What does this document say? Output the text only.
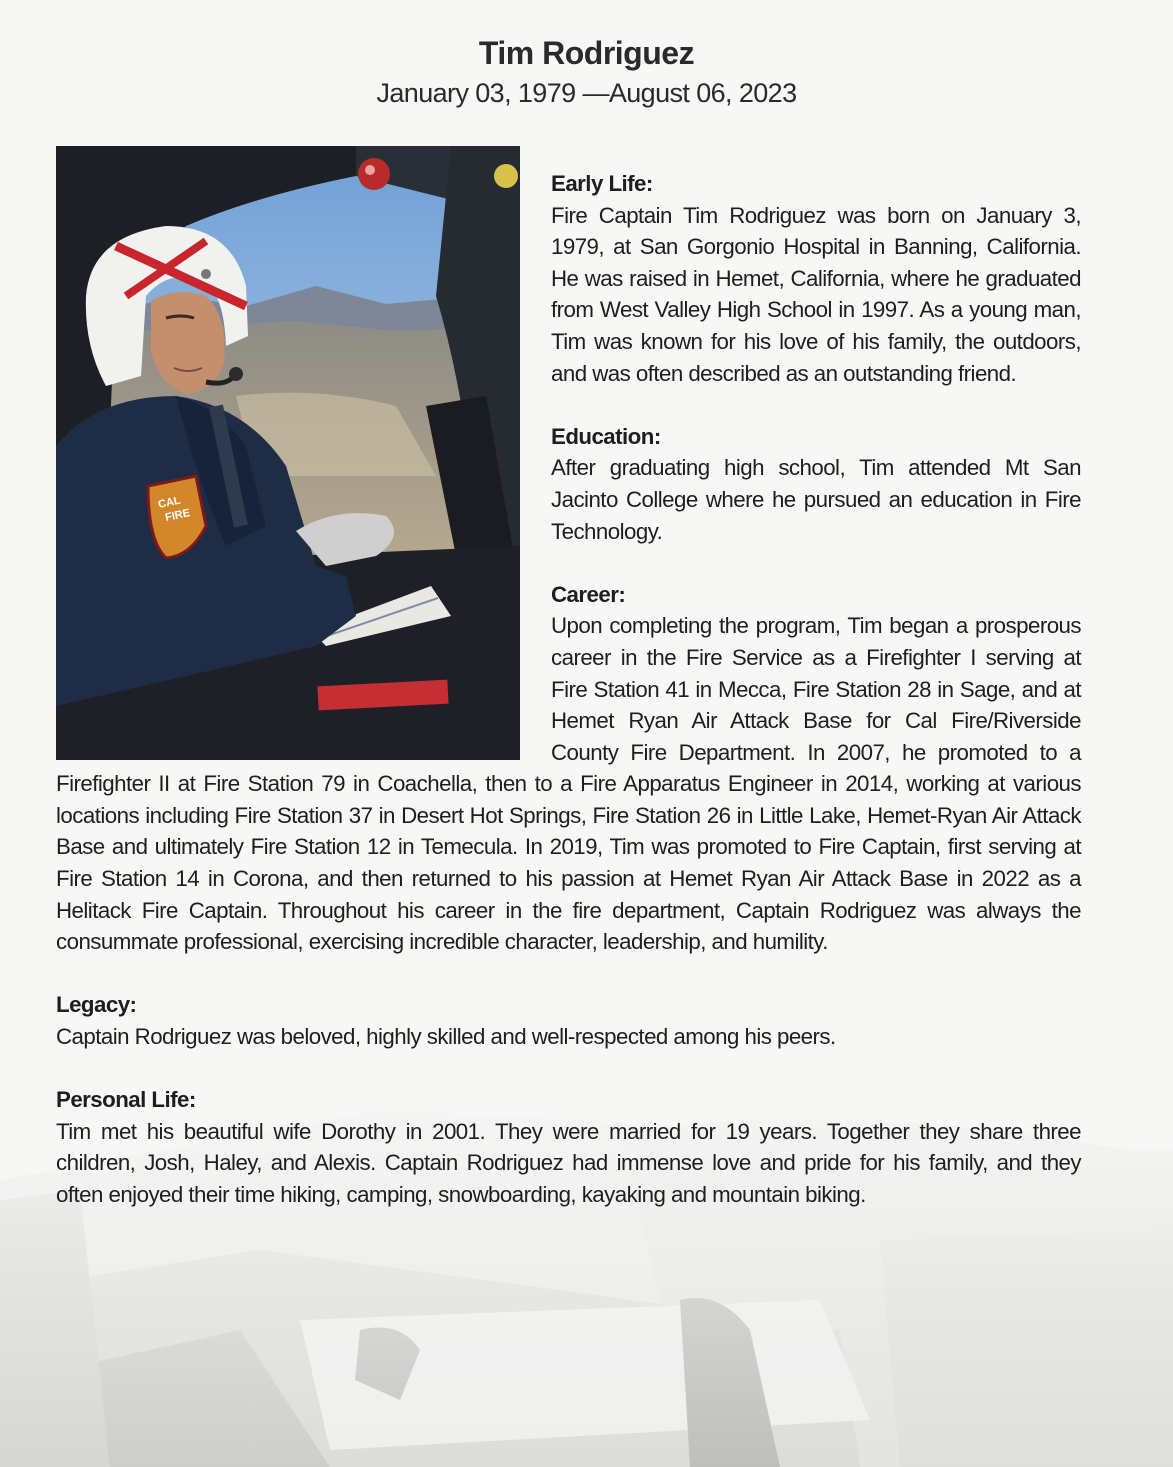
Tim Rodriguez
January 03, 1979 —August 06, 2023
CAL
FIRE

Early Life:

Fire Captain Tim Rodriguez was born on January 3, 1979, at San Gorgonio Hospital in Banning, California. He was raised in Hemet, California, where he graduated from West Valley High School in 1997. As a young man, Tim was known for his love of his family, the outdoors, and was often described as an outstanding friend.

Education:

After graduating high school, Tim attended Mt San Jacinto College where he pursued an education in Fire Technology.

Career:

Upon completing the program, Tim began a prosperous career in the Fire Service as a Firefighter I serving at Fire Station 41 in Mecca, Fire Station 28 in Sage, and at Hemet Ryan Air Attack Base for Cal Fire/Riverside County Fire Department. In 2007, he promoted to a Firefighter II at Fire Station 79 in Coachella, then to a Fire Apparatus Engineer in 2014, working at various locations including Fire Station 37 in Desert Hot Springs, Fire Station 26 in Little Lake, Hemet-Ryan Air Attack Base and ultimately Fire Station 12 in Temecula. In 2019, Tim was promoted to Fire Captain, first serving at Fire Station 14 in Corona, and then returned to his passion at Hemet Ryan Air Attack Base in 2022 as a Helitack Fire Captain. Throughout his career in the fire department, Captain Rodriguez was always the consummate professional, exercising incredible character, leadership, and humility.

Legacy:

Captain Rodriguez was beloved, highly skilled and well-respected among his peers.

Personal Life:

Tim met his beautiful wife Dorothy in 2001. They were married for 19 years. Together they share three children, Josh, Haley, and Alexis. Captain Rodriguez had immense love and pride for his family, and they often enjoyed their time hiking, camping, snowboarding, kayaking and mountain biking.
